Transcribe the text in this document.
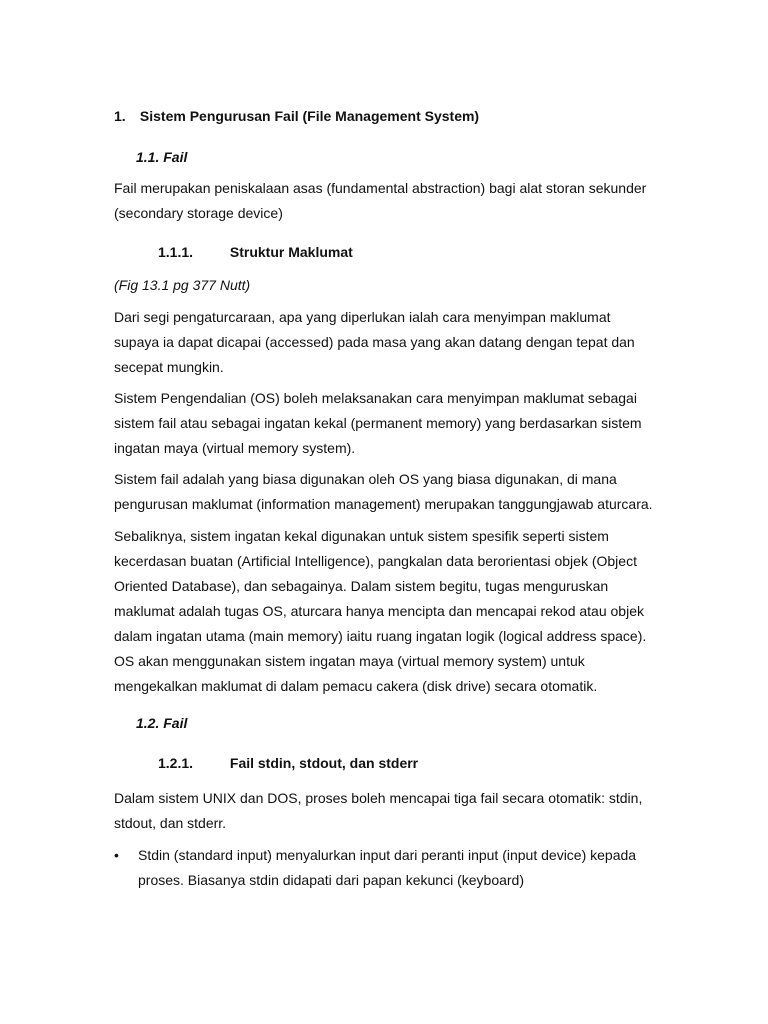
1. Sistem Pengurusan Fail (File Management System)
1.1. Fail

Fail merupakan peniskalaan asas (fundamental abstraction) bagi alat storan sekunder (secondary storage device)

1.1.1.	Struktur Maklumat

(Fig 13.1 pg 377 Nutt)

Dari segi pengaturcaraan, apa yang diperlukan ialah cara menyimpan maklumat supaya ia dapat dicapai (accessed) pada masa yang akan datang dengan tepat dan secepat mungkin.

Sistem Pengendalian (OS) boleh melaksanakan cara menyimpan maklumat sebagai sistem fail atau sebagai ingatan kekal (permanent memory) yang berdasarkan sistem ingatan maya (virtual memory system).

Sistem fail adalah yang biasa digunakan oleh OS yang biasa digunakan, di mana pengurusan maklumat (information management) merupakan tanggungjawab aturcara.

Sebaliknya, sistem ingatan kekal digunakan untuk sistem spesifik seperti sistem kecerdasan buatan (Artificial Intelligence), pangkalan data berorientasi objek (Object Oriented Database), dan sebagainya. Dalam sistem begitu, tugas menguruskan maklumat adalah tugas OS, aturcara hanya mencipta dan mencapai rekod atau objek dalam ingatan utama (main memory) iaitu ruang ingatan logik (logical address space). OS akan menggunakan sistem ingatan maya (virtual memory system) untuk mengekalkan maklumat di dalam pemacu cakera (disk drive) secara otomatik.

1.2. Fail
1.2.1.	Fail stdin, stdout, dan stderr

Dalam sistem UNIX dan DOS, proses boleh mencapai tiga fail secara otomatik: stdin, stdout, dan stderr.

•	Stdin (standard input) menyalurkan input dari peranti input (input device) kepada proses. Biasanya stdin didapati dari papan kekunci (keyboard)
